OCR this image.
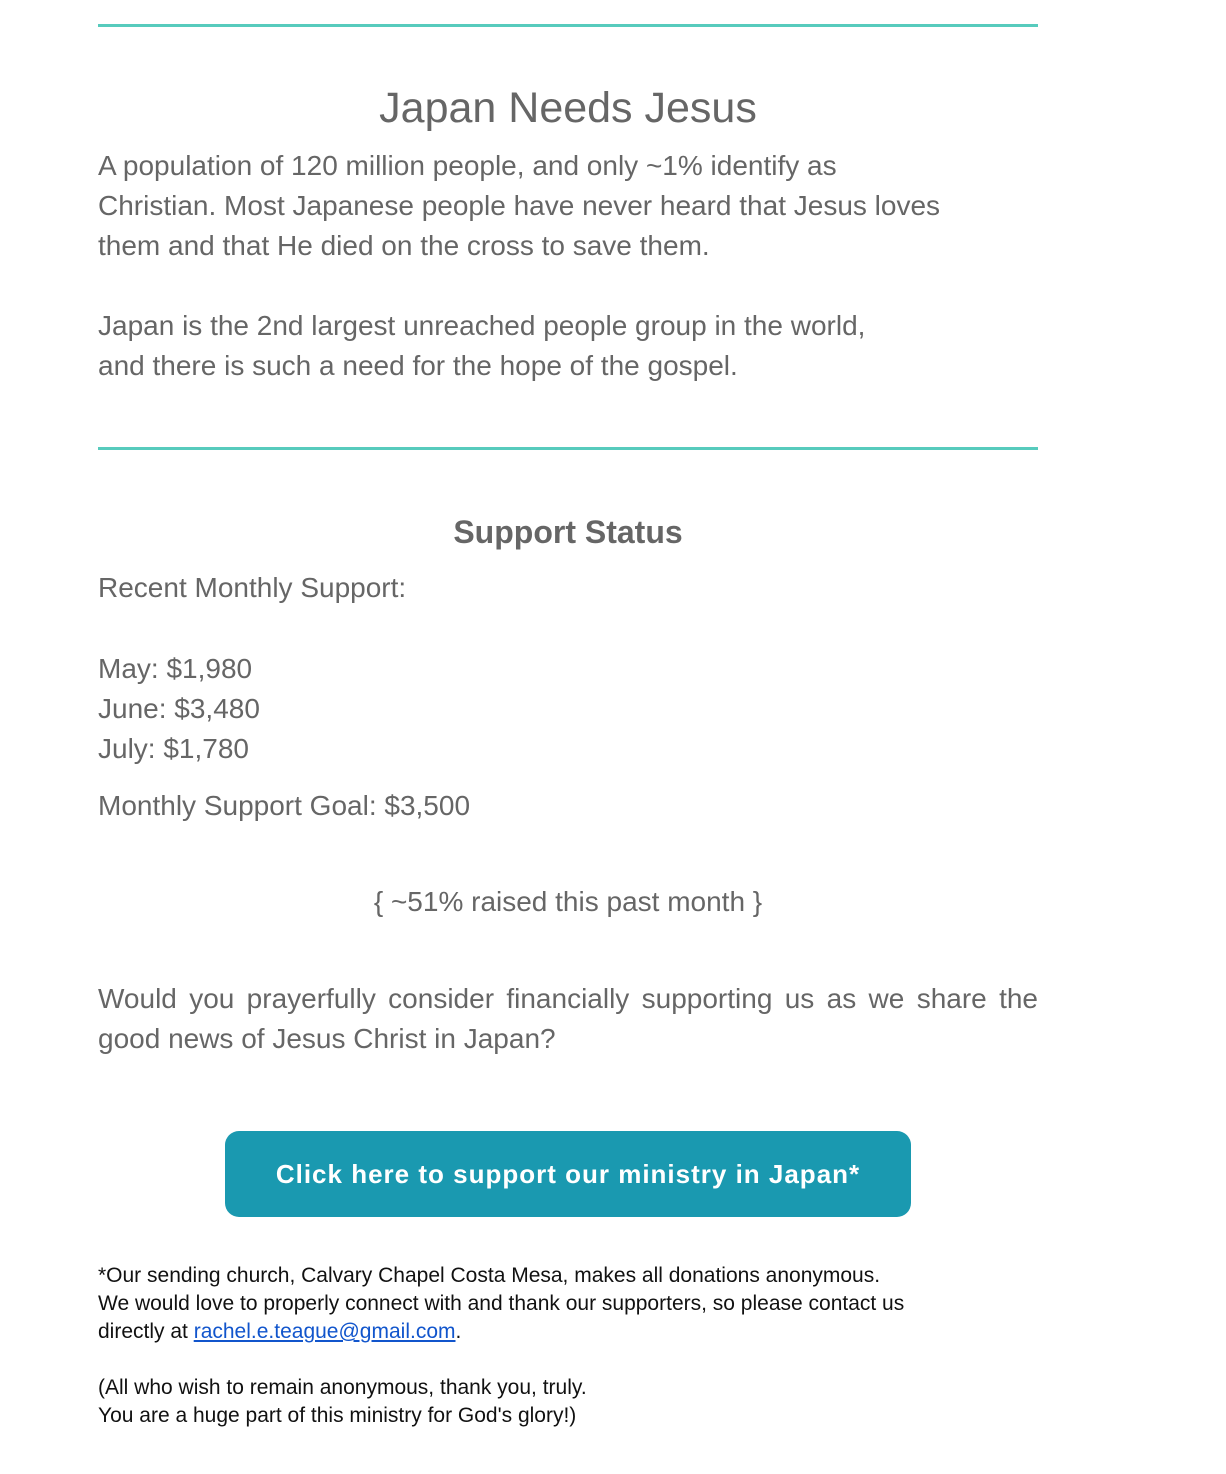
Japan Needs Jesus
A population of 120 million people, and only ~1% identify as
Christian. Most Japanese people have never heard that Jesus loves
them and that He died on the cross to save them.
Japan is the 2nd largest unreached people group in the world,
and there is such a need for the hope of the gospel.
Support Status
Recent Monthly Support:
May: $1,980
June: $3,480
July: $1,780
Monthly Support Goal: $3,500
{ ~51% raised this past month }
Would you prayerfully consider financially supporting us as we share the good news of Jesus Christ in Japan?
Click here to support our ministry in Japan*
*Our sending church, Calvary Chapel Costa Mesa, makes all donations anonymous.
We would love to properly connect with and thank our supporters, so please contact us
directly at rachel.e.teague@gmail.com.
(All who wish to remain anonymous, thank you, truly.
You are a huge part of this ministry for God's glory!)
